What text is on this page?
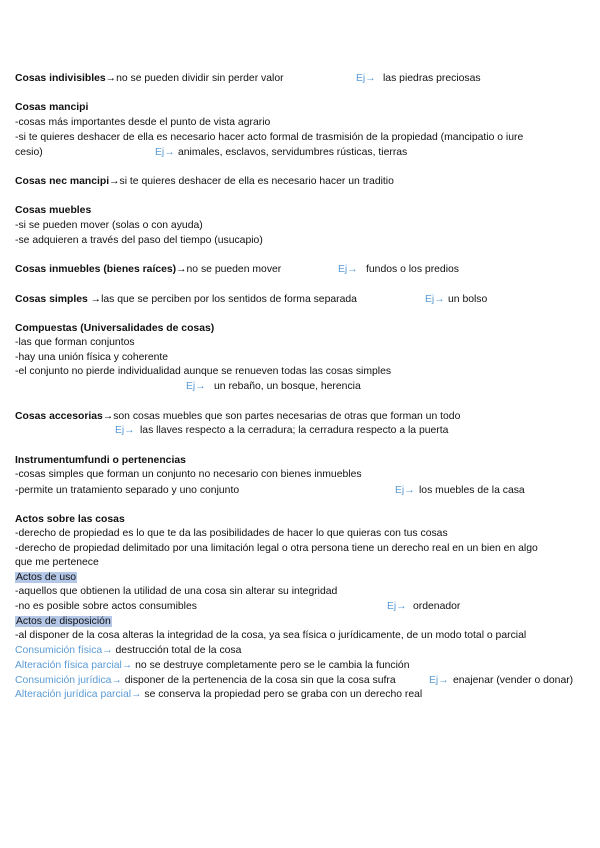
Cosas indivisibles→no se pueden dividir sin perder valor	Ej→ las piedras preciosas
Cosas mancipi
-cosas más importantes desde el punto de vista agrario
-si te quieres deshacer de ella es necesario hacer acto formal de trasmisión de la propiedad (mancipatio o iure
cesio)	Ej→ animales, esclavos, servidumbres rústicas, tierras
Cosas nec mancipi→si te quieres deshacer de ella es necesario hacer un traditio
Cosas muebles
-si se pueden mover (solas o con ayuda)
-se adquieren a través del paso del tiempo (usucapio)
Cosas inmuebles (bienes raíces)→no se pueden mover	Ej→ fundos o los predios
Cosas simples →las que se perciben por los sentidos de forma separada	Ej→ un bolso
Compuestas (Universalidades de cosas)
-las que forman conjuntos
-hay una unión física y coherente
-el conjunto no pierde individualidad aunque se renueven todas las cosas simples
Ej→ un rebaño, un bosque, herencia
Cosas accesorias→son cosas muebles que son partes necesarias de otras que forman un todo
Ej→ las llaves respecto a la cerradura; la cerradura respecto a la puerta
Instrumentumfundi o pertenencias
-cosas simples que forman un conjunto no necesario con bienes inmuebles
-permite un tratamiento separado y uno conjunto	Ej→ los muebles de la casa
Actos sobre las cosas
-derecho de propiedad es lo que te da las posibilidades de hacer lo que quieras con tus cosas
-derecho de propiedad delimitado por una limitación legal o otra persona tiene un derecho real en un bien en algo
que me pertenece
Actos de uso
-aquellos que obtienen la utilidad de una cosa sin alterar su integridad
-no es posible sobre actos consumibles	Ej→ ordenador
Actos de disposición
-al disponer de la cosa alteras la integridad de la cosa, ya sea física o jurídicamente, de un modo total o parcial
Consumición física→ destrucción total de la cosa
Alteración física parcial→ no se destruye completamente pero se le cambia la función
Consumición jurídica→ disponer de la pertenencia de la cosa sin que la cosa sufra	Ej→ enajenar (vender o donar)
Alteración jurídica parcial→ se conserva la propiedad pero se graba con un derecho real
